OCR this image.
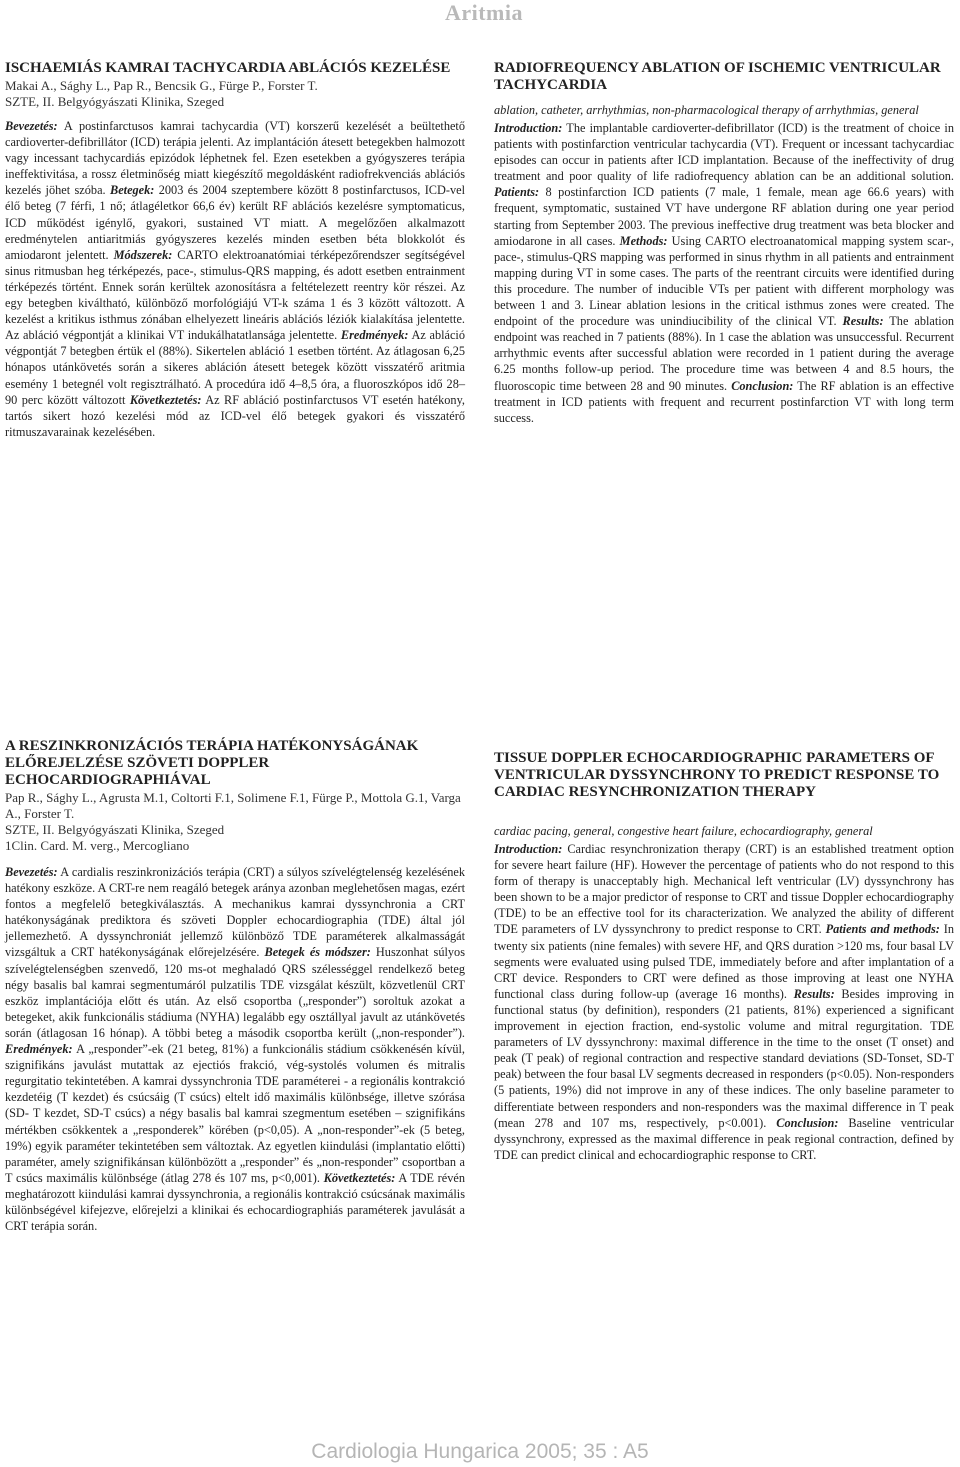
Aritmia
ISCHAEMIÁS KAMRAI TACHYCARDIA ABLÁCIÓS KEZELÉSE
Makai A., Sághy L., Pap R., Bencsik G., Fürge P., Forster T.
SZTE, II. Belgyógyászati Klinika, Szeged
Bevezetés: A postinfarctusos kamrai tachycardia (VT) korszerű kezelését a beültethető cardioverter-defibrillátor (ICD) terápia jelenti. Az implantáción átesett betegekben halmozott vagy incessant tachycardiás epizódok léphetnek fel. Ezen esetekben a gyógyszeres terápia ineffektivitása, a rossz életminőség miatt kiegészítő megoldásként radiofrekvenciás ablációs kezelés jöhet szóba. Betegek: 2003 és 2004 szeptembere között 8 postinfarctusos, ICD-vel élő beteg (7 férfi, 1 nő; átlagéletkor 66,6 év) került RF ablációs kezelésre symptomaticus, ICD működést igénylő, gyakori, sustained VT miatt. A megelőzően alkalmazott eredménytelen antiaritmiás gyógyszeres kezelés minden esetben béta blokkolót és amiodaront jelentett. Módszerek: CARTO elektroanatómiai térképezőrendszer segítségével sinus ritmusban heg térképezés, pace-, stimulus-QRS mapping, és adott esetben entrainment térképezés történt. Ennek során kerültek azonosításra a feltételezett reentry kör részei. Az egy betegben kiváltható, különböző morfológiájú VT-k száma 1 és 3 között változott. A kezelést a kritikus isthmus zónában elhelyezett lineáris ablációs léziók kialakítása jelentette. Az abláció végpontját a klinikai VT indukálhatatlansága jelentette. Eredmények: Az abláció végpontját 7 betegben értük el (88%). Sikertelen abláció 1 esetben történt. Az átlagosan 6,25 hónapos utánkövetés során a sikeres abláción átesett betegek között visszatérő aritmia esemény 1 betegnél volt regisztrálható. A procedúra idő 4–8,5 óra, a fluoroszkópos idő 28–90 perc között változott Következtetés: Az RF abláció postinfarctusos VT esetén hatékony, tartós sikert hozó kezelési mód az ICD-vel élő betegek gyakori és visszatérő ritmuszavarainak kezelésében.
RADIOFREQUENCY ABLATION OF ISCHEMIC VENTRICULAR TACHYCARDIA
ablation, catheter, arrhythmias, non-pharmacological therapy of arrhythmias, general
Introduction: The implantable cardioverter-defibrillator (ICD) is the treatment of choice in patients with postinfarction ventricular tachycardia (VT). Frequent or incessant tachycardiac episodes can occur in patients after ICD implantation. Because of the ineffectivity of drug treatment and poor quality of life radiofrequency ablation can be an additional solution. Patients: 8 postinfarction ICD patients (7 male, 1 female, mean age 66.6 years) with frequent, symptomatic, sustained VT have undergone RF ablation during one year period starting from September 2003. The previous ineffective drug treatment was beta blocker and amiodarone in all cases. Methods: Using CARTO electroanatomical mapping system scar-, pace-, stimulus-QRS mapping was performed in sinus rhythm in all patients and entrainment mapping during VT in some cases. The parts of the reentrant circuits were identified during this procedure. The number of inducible VTs per patient with different morphology was between 1 and 3. Linear ablation lesions in the critical isthmus zones were created. The endpoint of the procedure was unindiucibility of the clinical VT. Results: The ablation endpoint was reached in 7 patients (88%). In 1 case the ablation was unsuccessful. Recurrent arrhythmic events after successful ablation were recorded in 1 patient during the average 6.25 months follow-up period. The procedure time was between 4 and 8.5 hours, the fluoroscopic time between 28 and 90 minutes. Conclusion: The RF ablation is an effective treatment in ICD patients with frequent and recurrent postinfarction VT with long term success.
A RESZINKRONIZÁCIÓS TERÁPIA HATÉKONYSÁGÁNAK ELŐREJELZÉSE SZÖVETI DOPPLER ECHOCARDIOGRAPHIÁVAL
Pap R., Sághy L., Agrusta M.1, Coltorti F.1, Solimene F.1, Fürge P., Mottola G.1, Varga A., Forster T.
SZTE, II. Belgyógyászati Klinika, Szeged
1Clin. Card. M. verg., Mercogliano
Bevezetés: A cardialis reszinkronizációs terápia (CRT) a súlyos szívelégtelenség kezelésének hatékony eszköze. A CRT-re nem reagáló betegek aránya azonban meglehetősen magas, ezért fontos a megfelelő betegkiválasztás. A mechanikus kamrai dyssynchronia a CRT hatékonyságának prediktora és szöveti Doppler echocardiographia (TDE) által jól jellemezhető. A dyssynchroniát jellemző különböző TDE paraméterek alkalmasságát vizsgáltuk a CRT hatékonyságának előrejelzésére. Betegek és módszer: Huszonhat súlyos szívelégtelenségben szenvedő, 120 ms-ot meghaladó QRS szélességgel rendelkező beteg négy basalis bal kamrai segmentumáról pulzatilis TDE vizsgálat készült, közvetlenül CRT eszköz implantációja előtt és után. Az első csoportba („responder”) soroltuk azokat a betegeket, akik funkcionális stádiuma (NYHA) legalább egy osztállyal javult az utánkövetés során (átlagosan 16 hónap). A többi beteg a második csoportba került („non-responder”). Eredmények: A „responder”-ek (21 beteg, 81%) a funkcionális stádium csökkenésén kívül, szignifikáns javulást mutattak az ejectiós frakció, vég-systolés volumen és mitralis regurgitatio tekintetében. A kamrai dyssynchronia TDE paraméterei - a regionális kontrakció kezdetéig (T kezdet) és csúcsáig (T csúcs) eltelt idő maximális különbsége, illetve szórása (SD- T kezdet, SD-T csúcs) a négy basalis bal kamrai szegmentum esetében – szignifikáns mértékben csökkentek a „responderek” körében (p<0,05). A „non-responder”-ek (5 beteg, 19%) egyik paraméter tekintetében sem változtak. Az egyetlen kiindulási (implantatio előtti) paraméter, amely szignifikánsan különbözött a „responder” és „non-responder” csoportban a T csúcs maximális különbsége (átlag 278 és 107 ms, p<0,001). Következtetés: A TDE révén meghatározott kiindulási kamrai dyssynchronia, a regionális kontrakció csúcsának maximális különbségével kifejezve, előrejelzi a klinikai és echocardiographiás paraméterek javulását a CRT terápia során.
TISSUE DOPPLER ECHOCARDIOGRAPHIC PARAMETERS OF VENTRICULAR DYSSYNCHRONY TO PREDICT RESPONSE TO CARDIAC RESYNCHRONIZATION THERAPY
cardiac pacing, general, congestive heart failure, echocardiography, general
Introduction: Cardiac resynchronization therapy (CRT) is an established treatment option for severe heart failure (HF). However the percentage of patients who do not respond to this form of therapy is unacceptably high. Mechanical left ventricular (LV) dyssynchrony has been shown to be a major predictor of response to CRT and tissue Doppler echocardiography (TDE) to be an effective tool for its characterization. We analyzed the ability of different TDE parameters of LV dyssynchrony to predict response to CRT. Patients and methods: In twenty six patients (nine females) with severe HF, and QRS duration >120 ms, four basal LV segments were evaluated using pulsed TDE, immediately before and after implantation of a CRT device. Responders to CRT were defined as those improving at least one NYHA functional class during follow-up (average 16 months). Results: Besides improving in functional status (by definition), responders (21 patients, 81%) experienced a significant improvement in ejection fraction, end-systolic volume and mitral regurgitation. TDE parameters of LV dyssynchrony: maximal difference in the time to the onset (T onset) and peak (T peak) of regional contraction and respective standard deviations (SD-Tonset, SD-T peak) between the four basal LV segments decreased in responders (p<0.05). Non-responders (5 patients, 19%) did not improve in any of these indices. The only baseline parameter to differentiate between responders and non-responders was the maximal difference in T peak (mean 278 and 107 ms, respectively, p<0.001). Conclusion: Baseline ventricular dyssynchrony, expressed as the maximal difference in peak regional contraction, defined by TDE can predict clinical and echocardiographic response to CRT.
Cardiologia Hungarica 2005; 35 : A5
